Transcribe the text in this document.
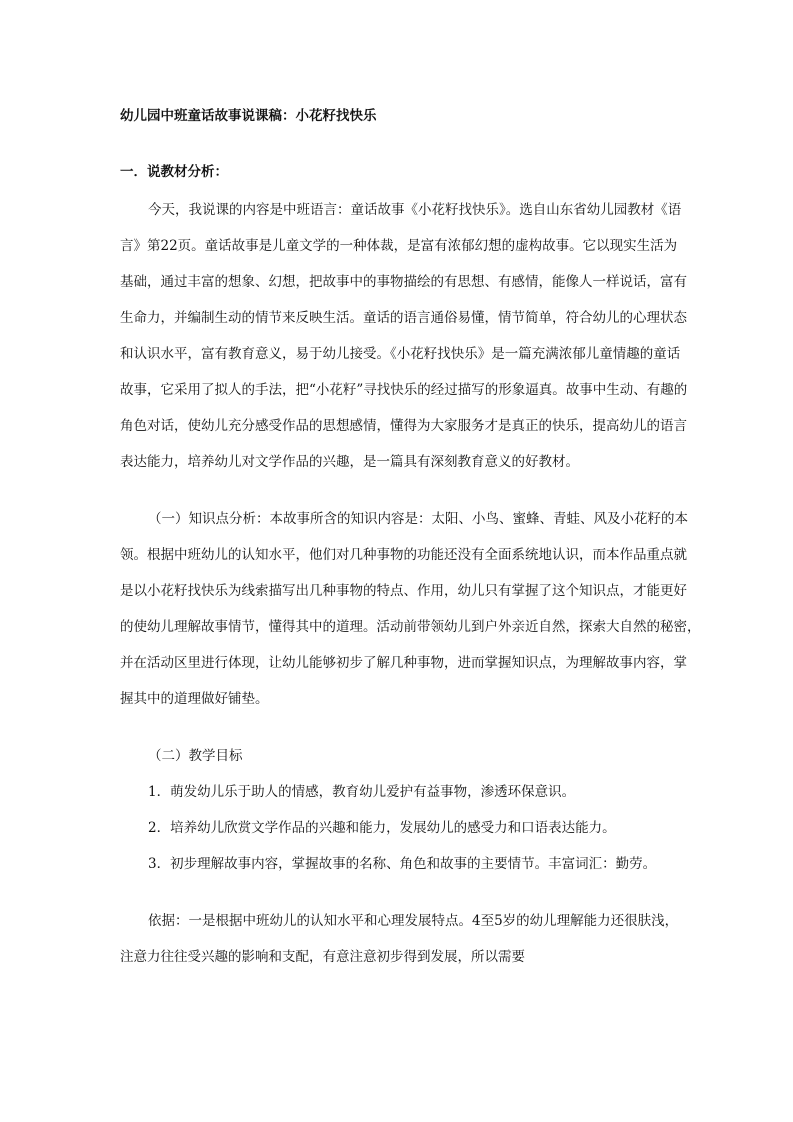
幼儿园中班童话故事说课稿：小花籽找快乐
一．说教材分析：
今天，我说课的内容是中班语言：童话故事《小花籽找快乐》。选自山东省幼儿园教材《语
言》第22页。童话故事是儿童文学的一种体裁，是富有浓郁幻想的虚构故事。它以现实生活为
基础，通过丰富的想象、幻想，把故事中的事物描绘的有思想、有感情，能像人一样说话，富有
生命力，并编制生动的情节来反映生活。童话的语言通俗易懂，情节简单，符合幼儿的心理状态
和认识水平，富有教育意义，易于幼儿接受。《小花籽找快乐》是一篇充满浓郁儿童情趣的童话
故事，它采用了拟人的手法，把“小花籽”寻找快乐的经过描写的形象逼真。故事中生动、有趣的
角色对话，使幼儿充分感受作品的思想感情，懂得为大家服务才是真正的快乐，提高幼儿的语言
表达能力，培养幼儿对文学作品的兴趣，是一篇具有深刻教育意义的好教材。
（一）知识点分析：本故事所含的知识内容是：太阳、小鸟、蜜蜂、青蛙、风及小花籽的本
领。根据中班幼儿的认知水平，他们对几种事物的功能还没有全面系统地认识，而本作品重点就
是以小花籽找快乐为线索描写出几种事物的特点、作用，幼儿只有掌握了这个知识点，才能更好
的使幼儿理解故事情节，懂得其中的道理。活动前带领幼儿到户外亲近自然，探索大自然的秘密，
并在活动区里进行体现，让幼儿能够初步了解几种事物，进而掌握知识点，为理解故事内容，掌
握其中的道理做好铺垫。
（二）教学目标
1．萌发幼儿乐于助人的情感，教育幼儿爱护有益事物，渗透环保意识。
2．培养幼儿欣赏文学作品的兴趣和能力，发展幼儿的感受力和口语表达能力。
3．初步理解故事内容，掌握故事的名称、角色和故事的主要情节。丰富词汇：勤劳。
依据：一是根据中班幼儿的认知水平和心理发展特点。4至5岁的幼儿理解能力还很肤浅，
注意力往往受兴趣的影响和支配，有意注意初步得到发展，所以需要
